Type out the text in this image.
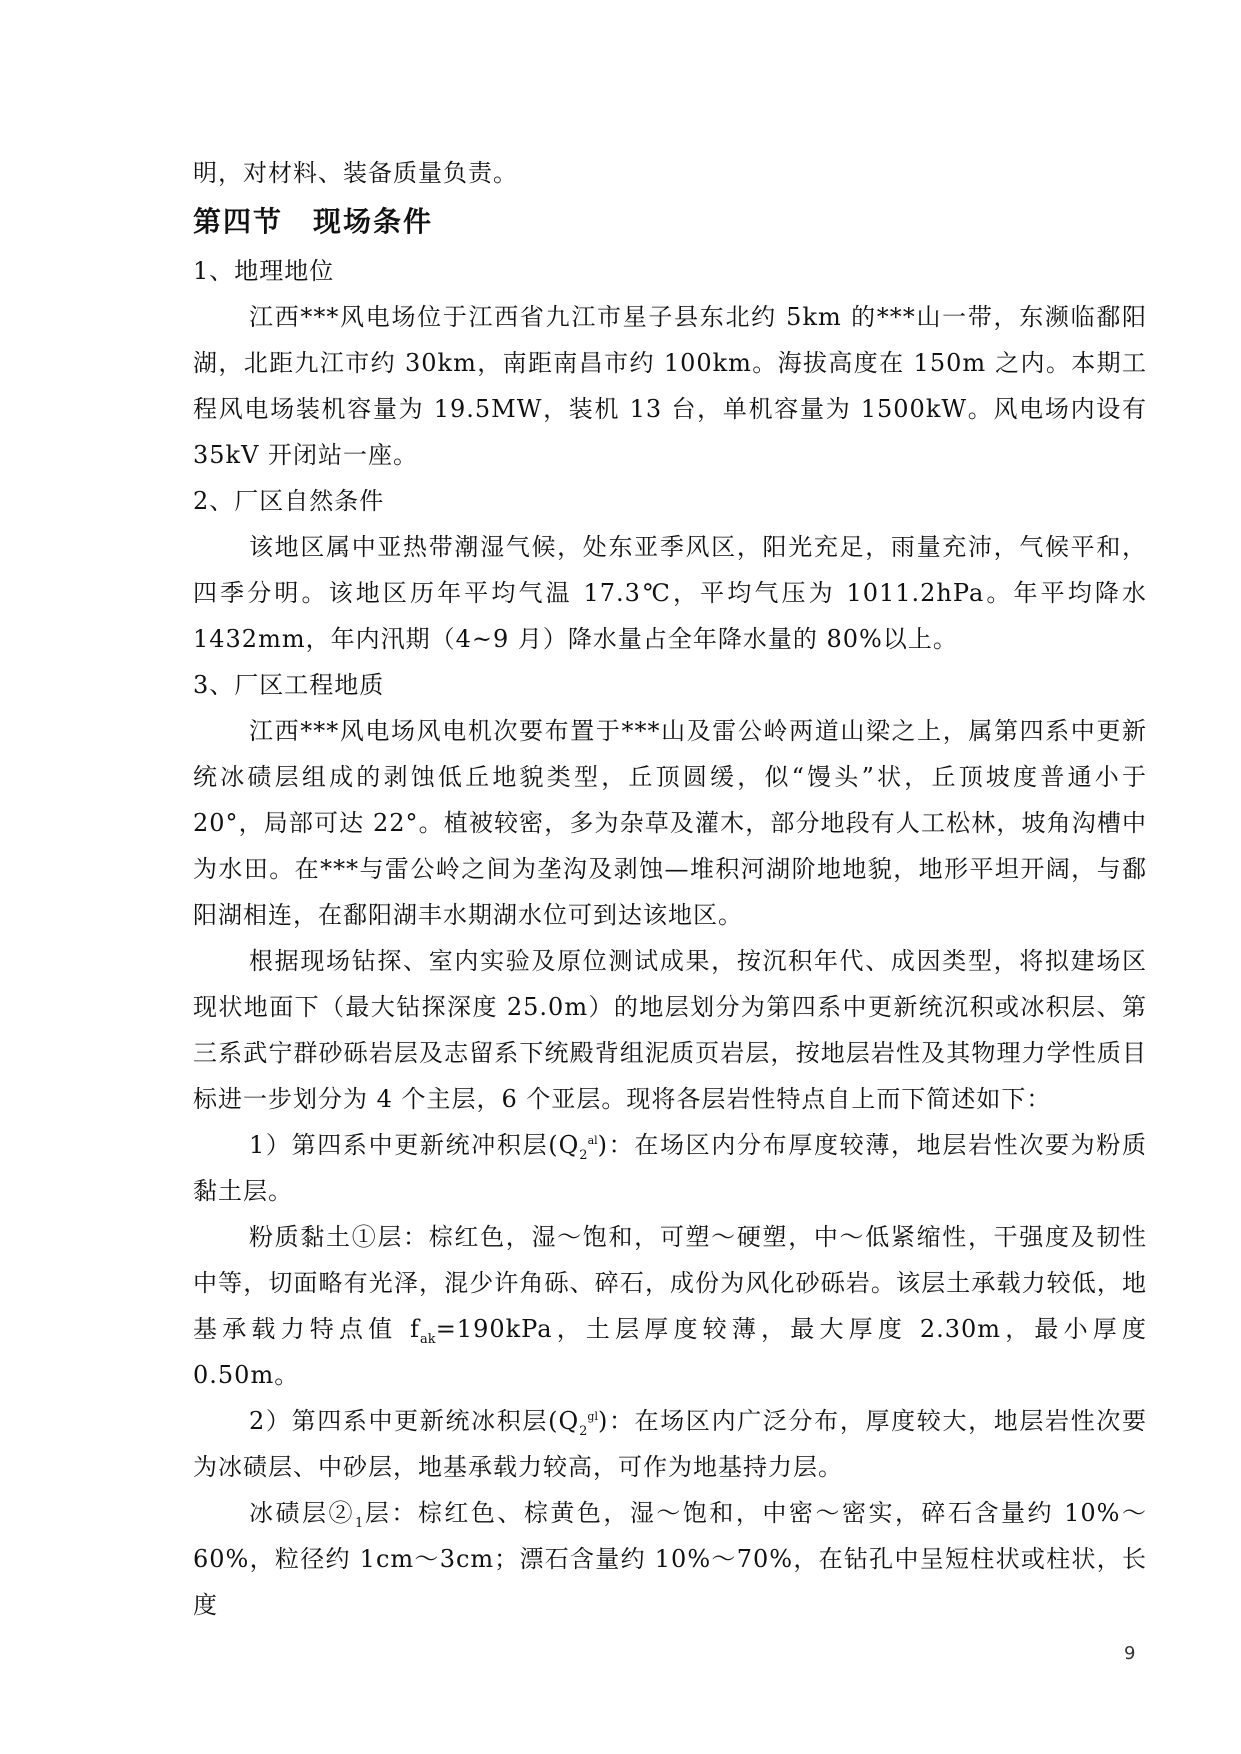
明，对材料、装备质量负责。

第四节 现场条件

1、地理地位

江西***风电场位于江西省九江市星子县东北约 5km 的***山一带，东濒临鄱阳湖，北距九江市约 30km，南距南昌市约 100km。海拔高度在 150m 之内。本期工程风电场装机容量为 19.5MW，装机 13 台，单机容量为 1500kW。风电场内设有 35kV 开闭站一座。

2、厂区自然条件

该地区属中亚热带潮湿气候，处东亚季风区，阳光充足，雨量充沛，气候平和，四季分明。该地区历年平均气温 17.3℃，平均气压为 1011.2hPa。年平均降水 1432mm，年内汛期（4~9 月）降水量占全年降水量的 80%以上。

3、厂区工程地质

江西***风电场风电机次要布置于***山及雷公岭两道山梁之上，属第四系中更新统冰碛层组成的剥蚀低丘地貌类型，丘顶圆缓，似“馒头”状，丘顶坡度普通小于 20°，局部可达 22°。植被较密，多为杂草及灌木，部分地段有人工松林，坡角沟槽中为水田。在***与雷公岭之间为垄沟及剥蚀—堆积河湖阶地地貌，地形平坦开阔，与鄱阳湖相连，在鄱阳湖丰水期湖水位可到达该地区。

根据现场钻探、室内实验及原位测试成果，按沉积年代、成因类型，将拟建场区现状地面下（最大钻探深度 25.0m）的地层划分为第四系中更新统沉积或冰积层、第三系武宁群砂砾岩层及志留系下统殿背组泥质页岩层，按地层岩性及其物理力学性质目标进一步划分为 4 个主层，6 个亚层。现将各层岩性特点自上而下简述如下：

1）第四系中更新统冲积层$(Q_2^{al})$：在场区内分布厚度较薄，地层岩性次要为粉质黏土层。

粉质黏土①层：棕红色，湿～饱和，可塑～硬塑，中～低紧缩性，干强度及韧性中等，切面略有光泽，混少许角砾、碎石，成份为风化砂砾岩。该层土承载力较低，地基承载力特点值 $f_{ak}=190kPa$，土层厚度较薄，最大厚度 2.30m，最小厚度 0.50m。

2）第四系中更新统冰积层$(Q_2^{gl})$：在场区内广泛分布，厚度较大，地层岩性次要为冰碛层、中砂层，地基承载力较高，可作为地基持力层。

冰碛层$②_1$层：棕红色、棕黄色，湿～饱和，中密～密实，碎石含量约 10%～60%，粒径约 1cm～3cm；漂石含量约 10%～70%，在钻孔中呈短柱状或柱状，长度

9
